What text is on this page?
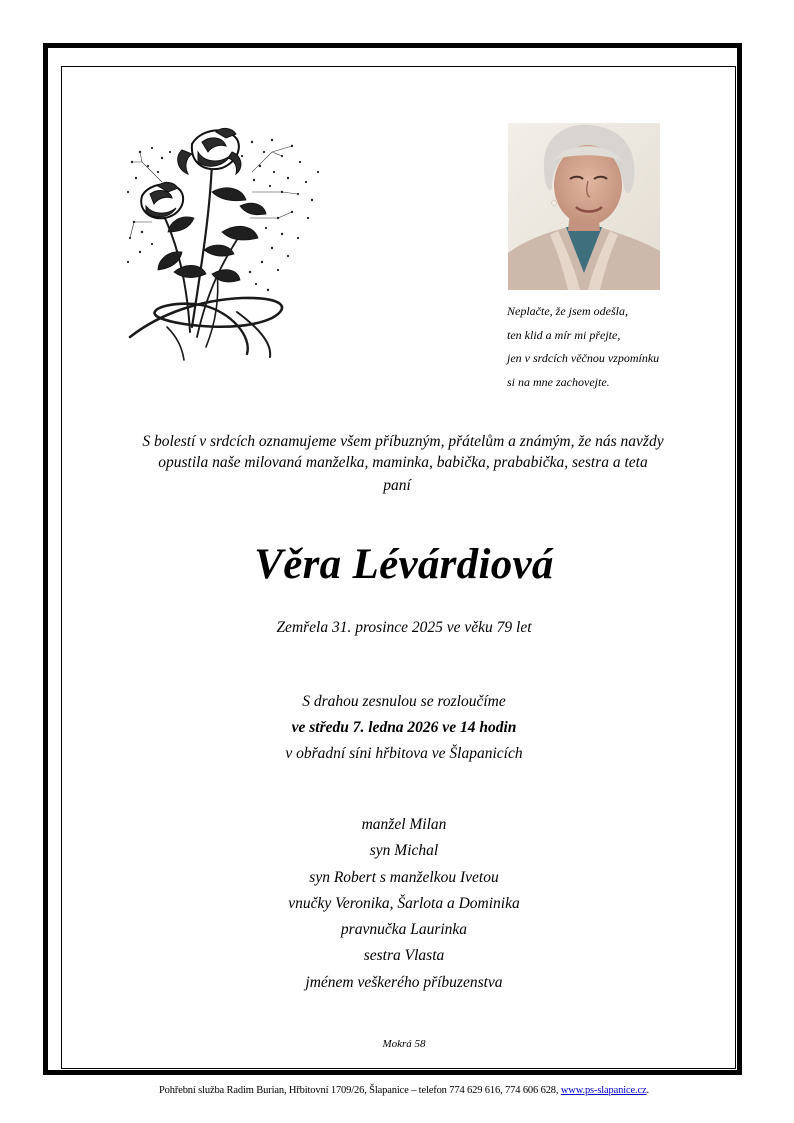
Neplačte, že jsem odešla,
ten klid a mír mi přejte,
jen v srdcích věčnou vzpomínku
si na mne zachovejte.
S bolestí v srdcích oznamujeme všem příbuzným, přátelům a známým, že nás navždy
opustila naše milovaná manželka, maminka, babička, prababička, sestra a teta
paní
Věra Lévárdiová
Zemřela 31. prosince 2025 ve věku 79 let
S drahou zesnulou se rozloučíme
ve středu 7. ledna 2026 ve 14 hodin
v obřadní síni hřbitova ve Šlapanicích
manžel Milan
syn Michal
syn Robert s manželkou Ivetou
vnučky Veronika, Šarlota a Dominika
pravnučka Laurinka
sestra Vlasta
jménem veškerého příbuzenstva
Mokrá 58
Pohřební služba Radim Burian, Hřbitovní 1709/26, Šlapanice – telefon 774 629 616, 774 606 628, www.ps-slapanice.cz.
